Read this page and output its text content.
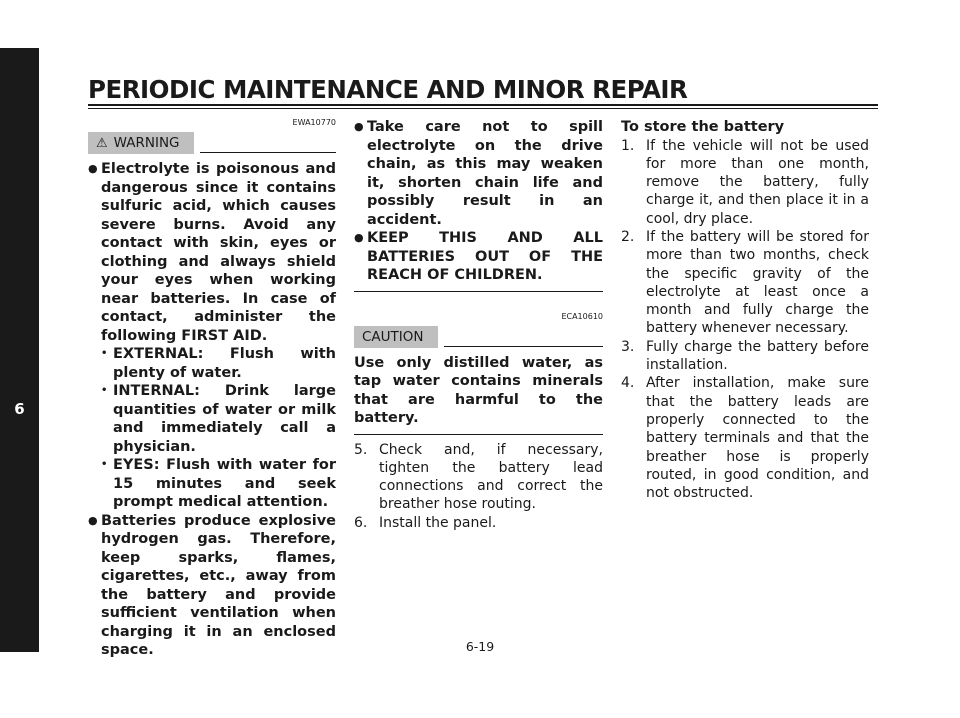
PERIODIC MAINTENANCE AND MINOR REPAIR
6
EWA10770
⚠ WARNING
● Electrolyte is poisonous and dangerous since it contains sulfuric acid, which causes severe burns. Avoid any contact with skin, eyes or clothing and always shield your eyes when working near batteries. In case of contact, administer the following FIRST AID.
• EXTERNAL: Flush with plenty of water.
• INTERNAL: Drink large quantities of water or milk and immediately call a physician.
• EYES: Flush with water for 15 minutes and seek prompt medical attention.
● Batteries produce explosive hydrogen gas. Therefore, keep sparks, flames, cigarettes, etc., away from the battery and provide sufficient ventilation when charging it in an enclosed space.
● Take care not to spill electrolyte on the drive chain, as this may weaken it, shorten chain life and possibly result in an accident.
● KEEP THIS AND ALL BATTERIES OUT OF THE REACH OF CHILDREN.
ECA10610
CAUTION

Use only distilled water, as tap water contains minerals that are harmful to the battery.

5. Check and, if necessary, tighten the battery lead connections and correct the breather hose routing.
6. Install the panel.
To store the battery
1. If the vehicle will not be used for more than one month, remove the battery, fully charge it, and then place it in a cool, dry place.
2. If the battery will be stored for more than two months, check the specific gravity of the electrolyte at least once a month and fully charge the battery whenever necessary.
3. Fully charge the battery before installation.
4. After installation, make sure that the battery leads are properly connected to the battery terminals and that the breather hose is properly routed, in good condition, and not obstructed.
6-19
